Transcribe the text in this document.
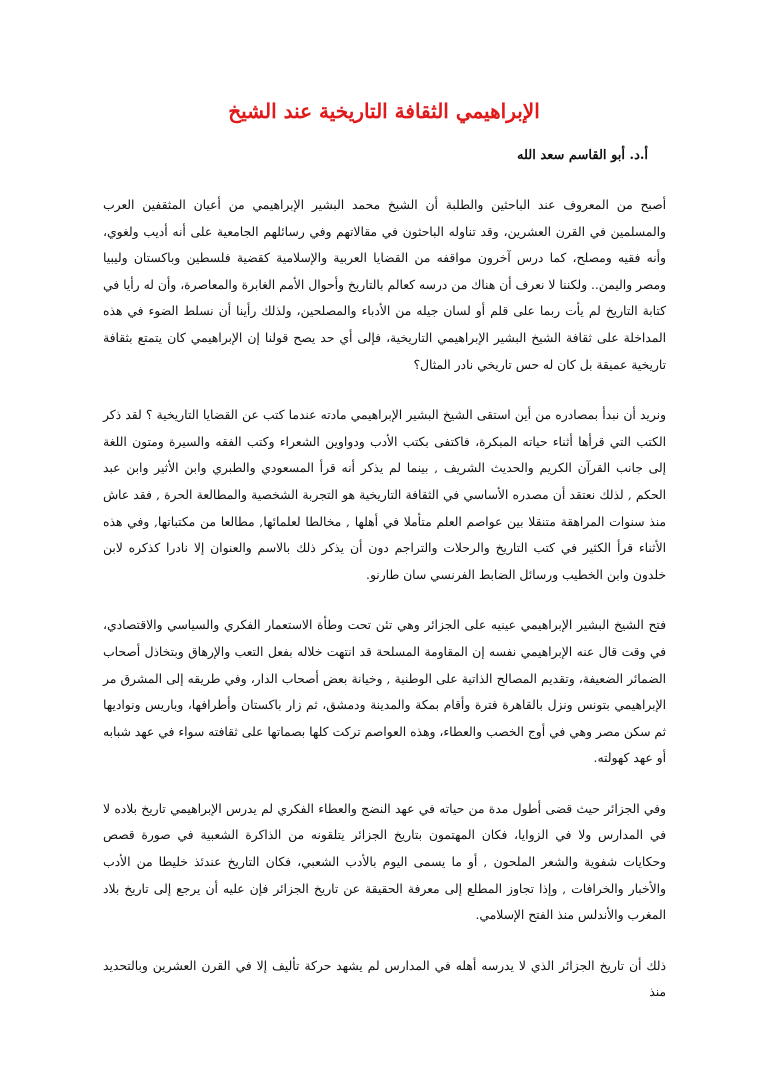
الإبراهيمي الثقافة التاريخية عند الشيخ
أ.د. أبو القاسم سعد الله

أصبح من المعروف عند الباحثين والطلبة أن الشيخ محمد البشير الإبراهيمي من أعيان المثقفين العرب والمسلمين في القرن العشرين، وقد تناوله الباحثون في مقالاتهم وفي رسائلهم الجامعية على أنه أديب ولغوي، وأنه فقيه ومصلح، كما درس آخرون مواقفه من القضايا العربية والإسلامية كقضية فلسطين وباكستان وليبيا ومصر واليمن.. ولكننا لا نعرف أن هناك من درسه كعالم بالتاريخ وأحوال الأمم الغابرة والمعاصرة، وأن له رأيا في كتابة التاريخ لم يأت ربما على قلم أو لسان جيله من الأدباء والمصلحين، ولذلك رأينا أن نسلط الضوء في هذه المداخلة على ثقافة الشيخ البشير الإبراهيمي التاريخية، فإلى أي حد يصح قولنا إن الإبراهيمي كان يتمتع بثقافة تاريخية عميقة بل كان له حس تاريخي نادر المثال؟

ونريد أن نبدأ بمصادره من أين استقى الشيخ البشير الإبراهيمي مادته عندما كتب عن القضايا التاريخية ؟ لقد ذكر الكتب التي قرأها أثناء حياته المبكرة، فاكتفى بكتب الأدب ودواوين الشعراء وكتب الفقه والسيرة ومتون اللغة إلى جانب القرآن الكريم والحديث الشريف , بينما لم يذكر أنه قرأ المسعودي والطبري وابن الأثير وابن عبد الحكم , لذلك نعتقد أن مصدره الأساسي في الثقافة التاريخية هو التجربة الشخصية والمطالعة الحرة , فقد عاش منذ سنوات المراهقة متنقلا بين عواصم العلم متأملا في أهلها , مخالطا لعلمائها, مطالعا من مكتباتها, وفي هذه الأثناء قرأ الكثير في كتب التاريخ والرحلات والتراجم دون أن يذكر ذلك بالاسم والعنوان إلا نادرا كذكره لابن خلدون وابن الخطيب ورسائل الضابط الفرنسي سان طارنو.

فتح الشيخ البشير الإبراهيمي عينيه على الجزائر وهي تئن تحت وطأة الاستعمار الفكري والسياسي والاقتصادي، في وقت قال عنه الإبراهيمي نفسه إن المقاومة المسلحة قد انتهت خلاله بفعل التعب والإرهاق وبتخاذل أصحاب الضمائر الضعيفة، وتقديم المصالح الذاتية على الوطنية , وخيانة بعض أصحاب الدار، وفي طريقه إلى المشرق مر الإبراهيمي بتونس ونزل بالقاهرة فترة وأقام بمكة والمدينة ودمشق، ثم زار باكستان وأطرافها، وباريس ونواديها ثم سكن مصر وهي في أوج الخصب والعطاء، وهذه العواصم تركت كلها بصماتها على ثقافته سواء في عهد شبابه أو عهد كهولته.

وفي الجزائر حيث قضى أطول مدة من حياته في عهد النضج والعطاء الفكري لم يدرس الإبراهيمي تاريخ بلاده لا في المدارس ولا في الزوايا، فكان المهتمون بتاريخ الجزائر يتلقونه من الذاكرة الشعبية في صورة قصص وحكايات شفوية والشعر الملحون , أو ما يسمى اليوم بالأدب الشعبي، فكان التاريخ عندئذ خليطا من الأدب والأخبار والخرافات , وإذا تجاوز المطلع إلى معرفة الحقيقة عن تاريخ الجزائر فإن عليه أن يرجع إلى تاريخ بلاد المغرب والأندلس منذ الفتح الإسلامي.

ذلك أن تاريخ الجزائر الذي لا يدرسه أهله في المدارس لم يشهد حركة تأليف إلا في القرن العشرين وبالتحديد منذ
